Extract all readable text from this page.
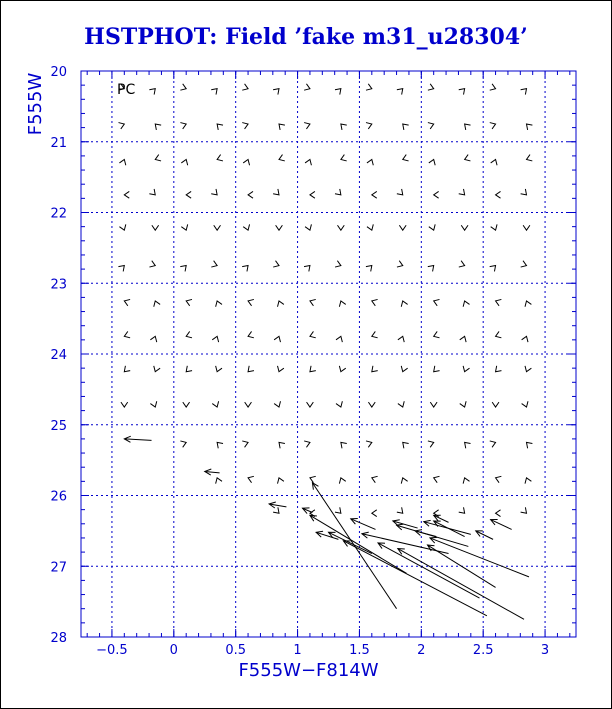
HSTPHOT: Field ’fake m31_u28304’
−0.5	0	0.5	1	1.5	2	2.5	3
20
21
22
23
24
25
26
27
28
PC
F555W−F814W
F555W
